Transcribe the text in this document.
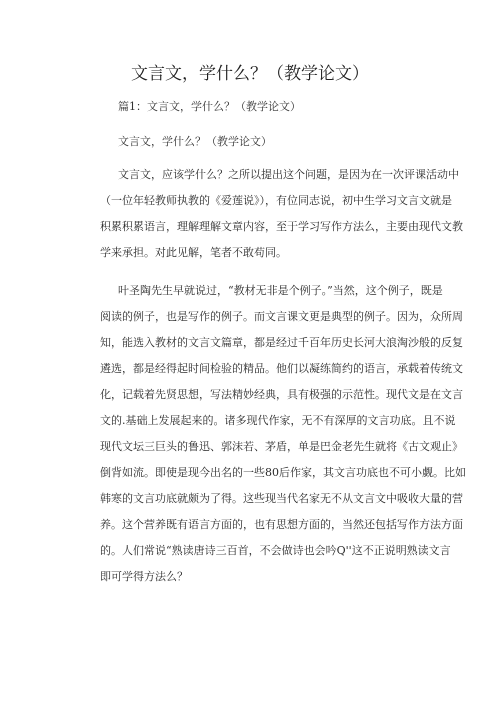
文言文，学什么？（教学论文）

篇1：文言文，学什么？（教学论文）

文言文，学什么？（教学论文）

文言文，应该学什么？之所以提出这个问题，是因为在一次评课活动中

（一位年轻教师执教的《爱莲说》），有位同志说，初中生学习文言文就是

积累积累语言，理解理解文章内容，至于学习写作方法么，主要由现代文教

学来承担。对此见解，笔者不敢苟同。

叶圣陶先生早就说过，“教材无非是个例子。”当然，这个例子，既是

阅读的例子，也是写作的例子。而文言课文更是典型的例子。因为，众所周

知，能选入教材的文言文篇章，都是经过千百年历史长河大浪淘沙般的反复

遴选，都是经得起时间检验的精品。他们以凝练简约的语言，承载着传统文

化，记载着先贤思想，写法精妙经典，具有极强的示范性。现代文是在文言

文的.基础上发展起来的。诸多现代作家，无不有深厚的文言功底。且不说

现代文坛三巨头的鲁迅、郭沫若、茅盾，单是巴金老先生就将《古文观止》

倒背如流。即使是现今出名的一些80后作家，其文言功底也不可小觑。比如

韩寒的文言功底就颇为了得。这些现当代名家无不从文言文中吸收大量的营

养。这个营养既有语言方面的，也有思想方面的，当然还包括写作方法方面

的。人们常说“熟读唐诗三百首，不会做诗也会吟Q''这不正说明熟读文言

即可学得方法么？
